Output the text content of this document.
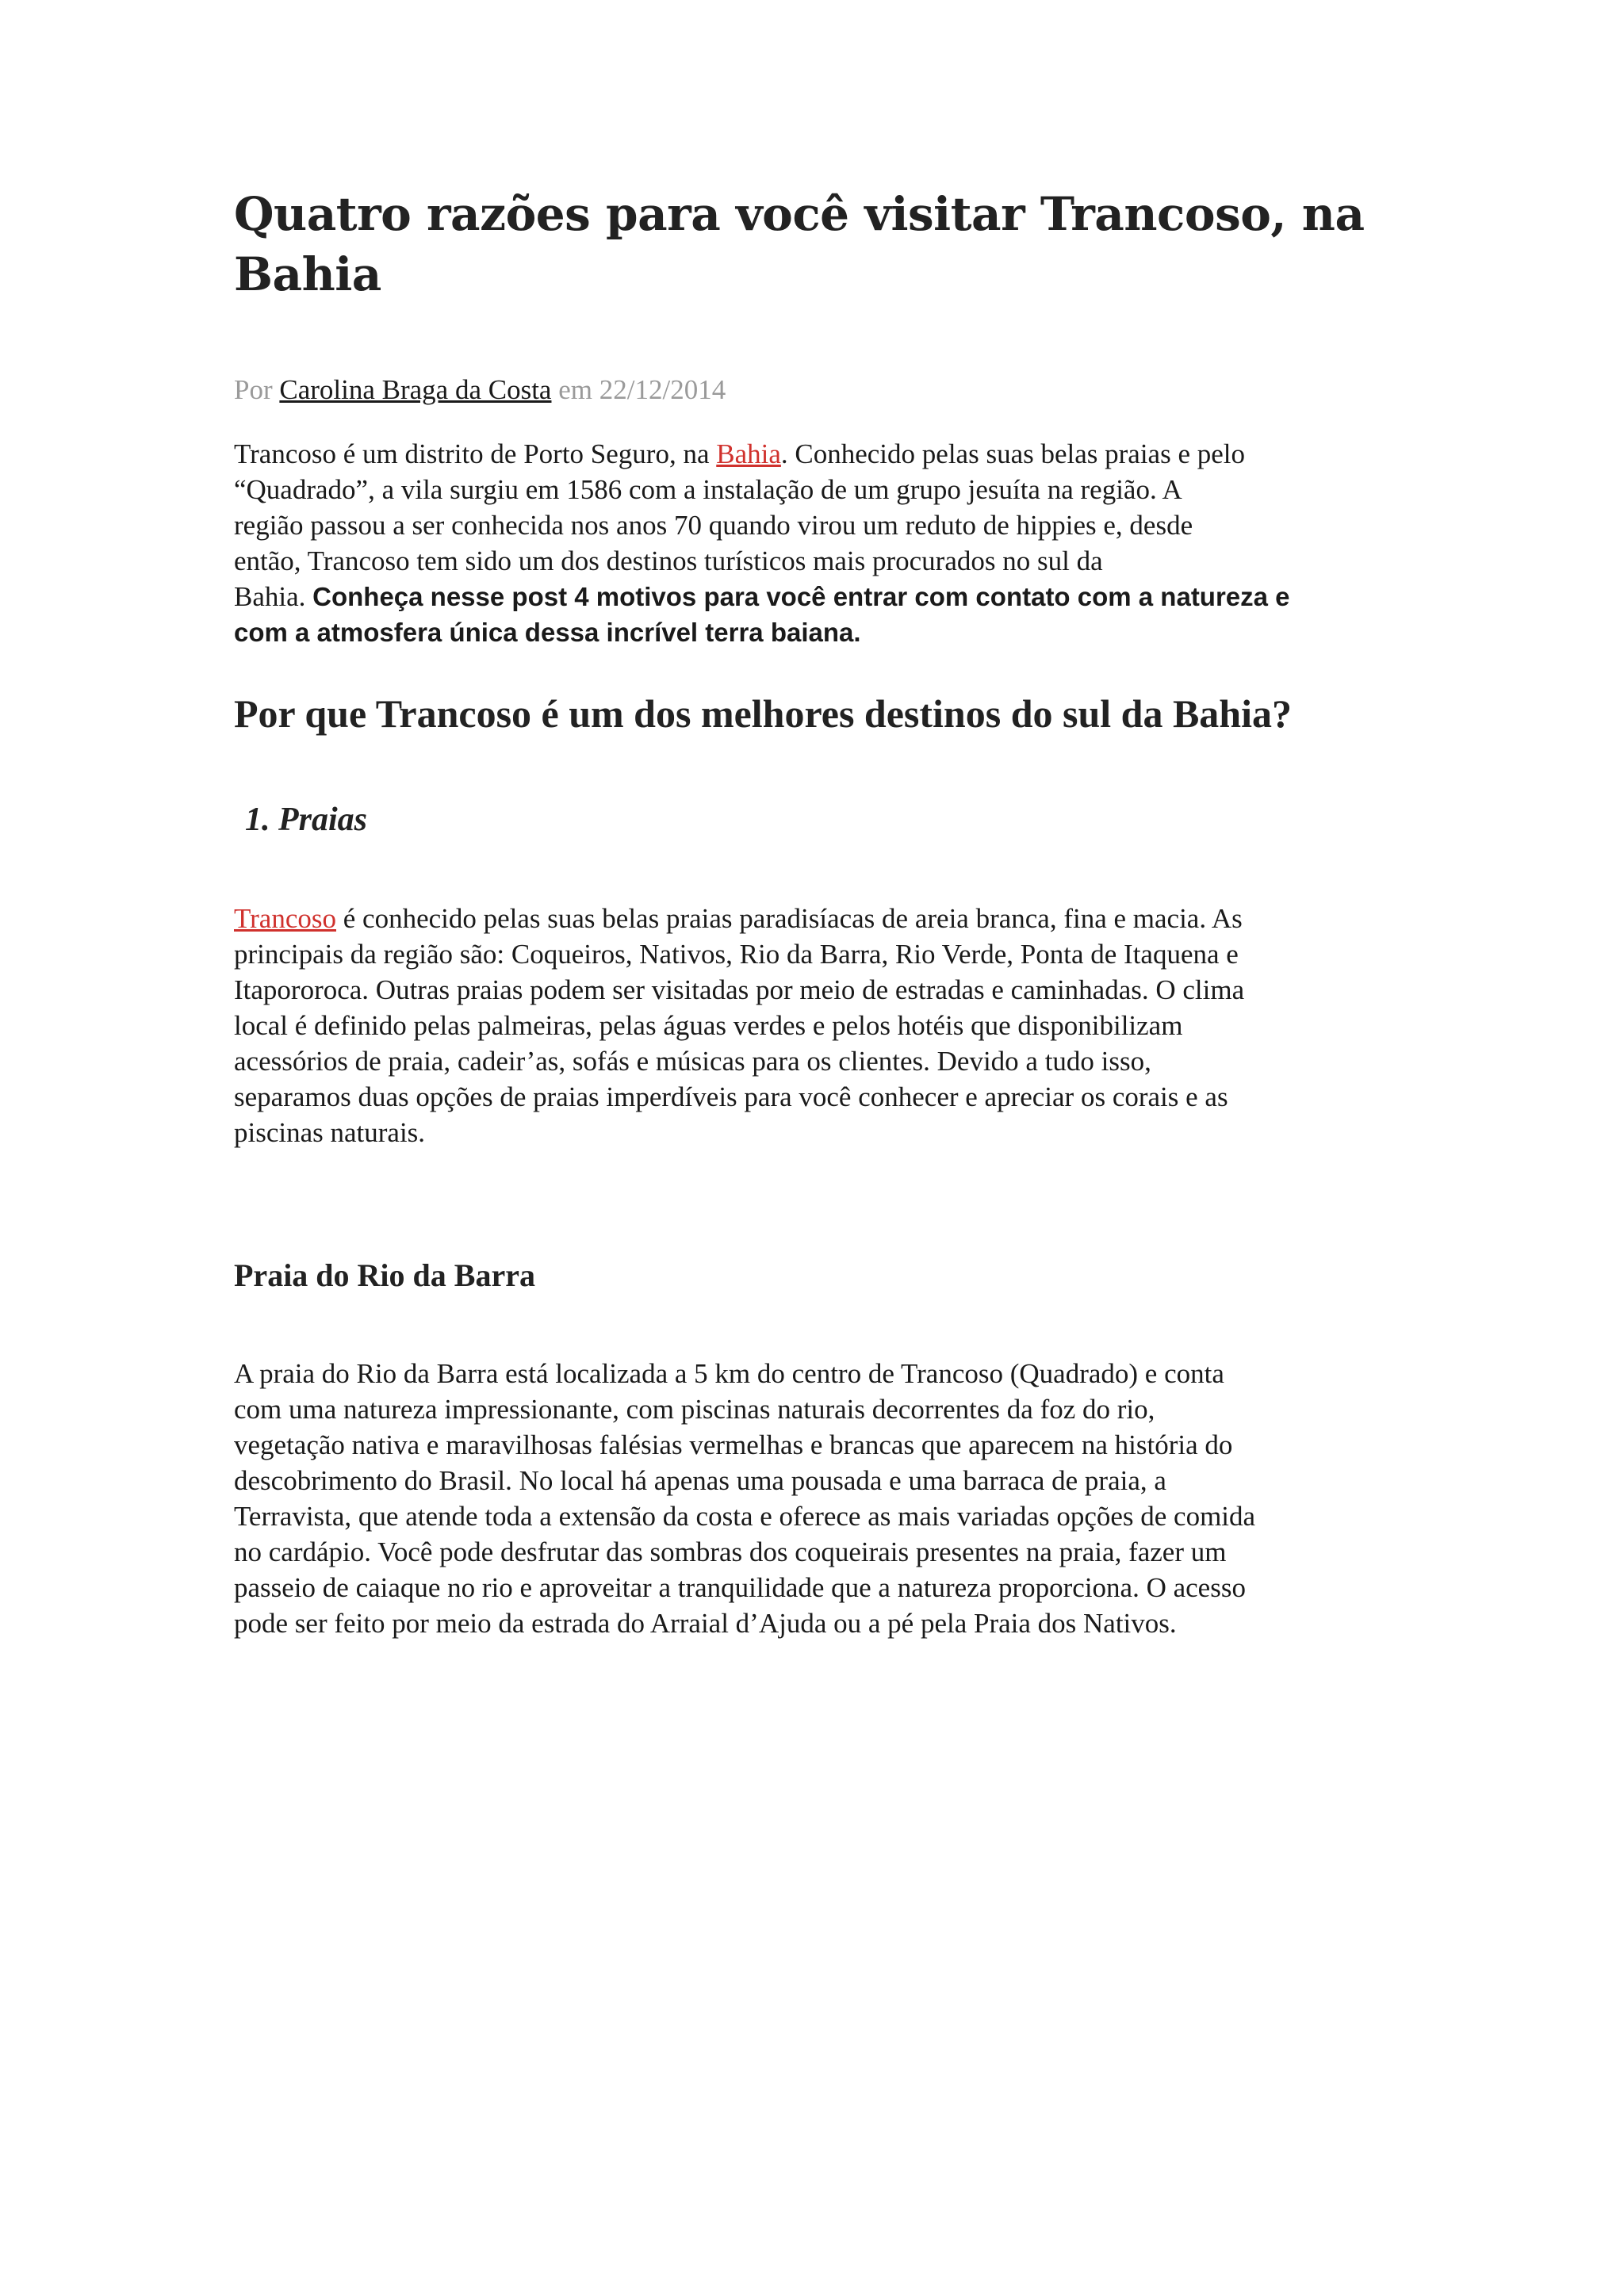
Quatro razões para você visitar Trancoso, na Bahia
Por Carolina Braga da Costa em 22/12/2014
Trancoso é um distrito de Porto Seguro, na Bahia. Conhecido pelas suas belas praias e pelo
“Quadrado”, a vila surgiu em 1586 com a instalação de um grupo jesuíta na região. A
região passou a ser conhecida nos anos 70 quando virou um reduto de hippies e, desde
então, Trancoso tem sido um dos destinos turísticos mais procurados no sul da
Bahia. Conheça nesse post 4 motivos para você entrar com contato com a natureza e
com a atmosfera única dessa incrível terra baiana.
Por que Trancoso é um dos melhores destinos do sul da Bahia?
1. Praias
Trancoso é conhecido pelas suas belas praias paradisíacas de areia branca, fina e macia. As
principais da região são: Coqueiros, Nativos, Rio da Barra, Rio Verde, Ponta de Itaquena e
Itapororoca. Outras praias podem ser visitadas por meio de estradas e caminhadas. O clima
local é definido pelas palmeiras, pelas águas verdes e pelos hotéis que disponibilizam
acessórios de praia, cadeir’as, sofás e músicas para os clientes. Devido a tudo isso,
separamos duas opções de praias imperdíveis para você conhecer e apreciar os corais e as
piscinas naturais.
Praia do Rio da Barra
A praia do Rio da Barra está localizada a 5 km do centro de Trancoso (Quadrado) e conta
com uma natureza impressionante, com piscinas naturais decorrentes da foz do rio,
vegetação nativa e maravilhosas falésias vermelhas e brancas que aparecem na história do
descobrimento do Brasil. No local há apenas uma pousada e uma barraca de praia, a
Terravista, que atende toda a extensão da costa e oferece as mais variadas opções de comida
no cardápio. Você pode desfrutar das sombras dos coqueirais presentes na praia, fazer um
passeio de caiaque no rio e aproveitar a tranquilidade que a natureza proporciona. O acesso
pode ser feito por meio da estrada do Arraial d’Ajuda ou a pé pela Praia dos Nativos.
